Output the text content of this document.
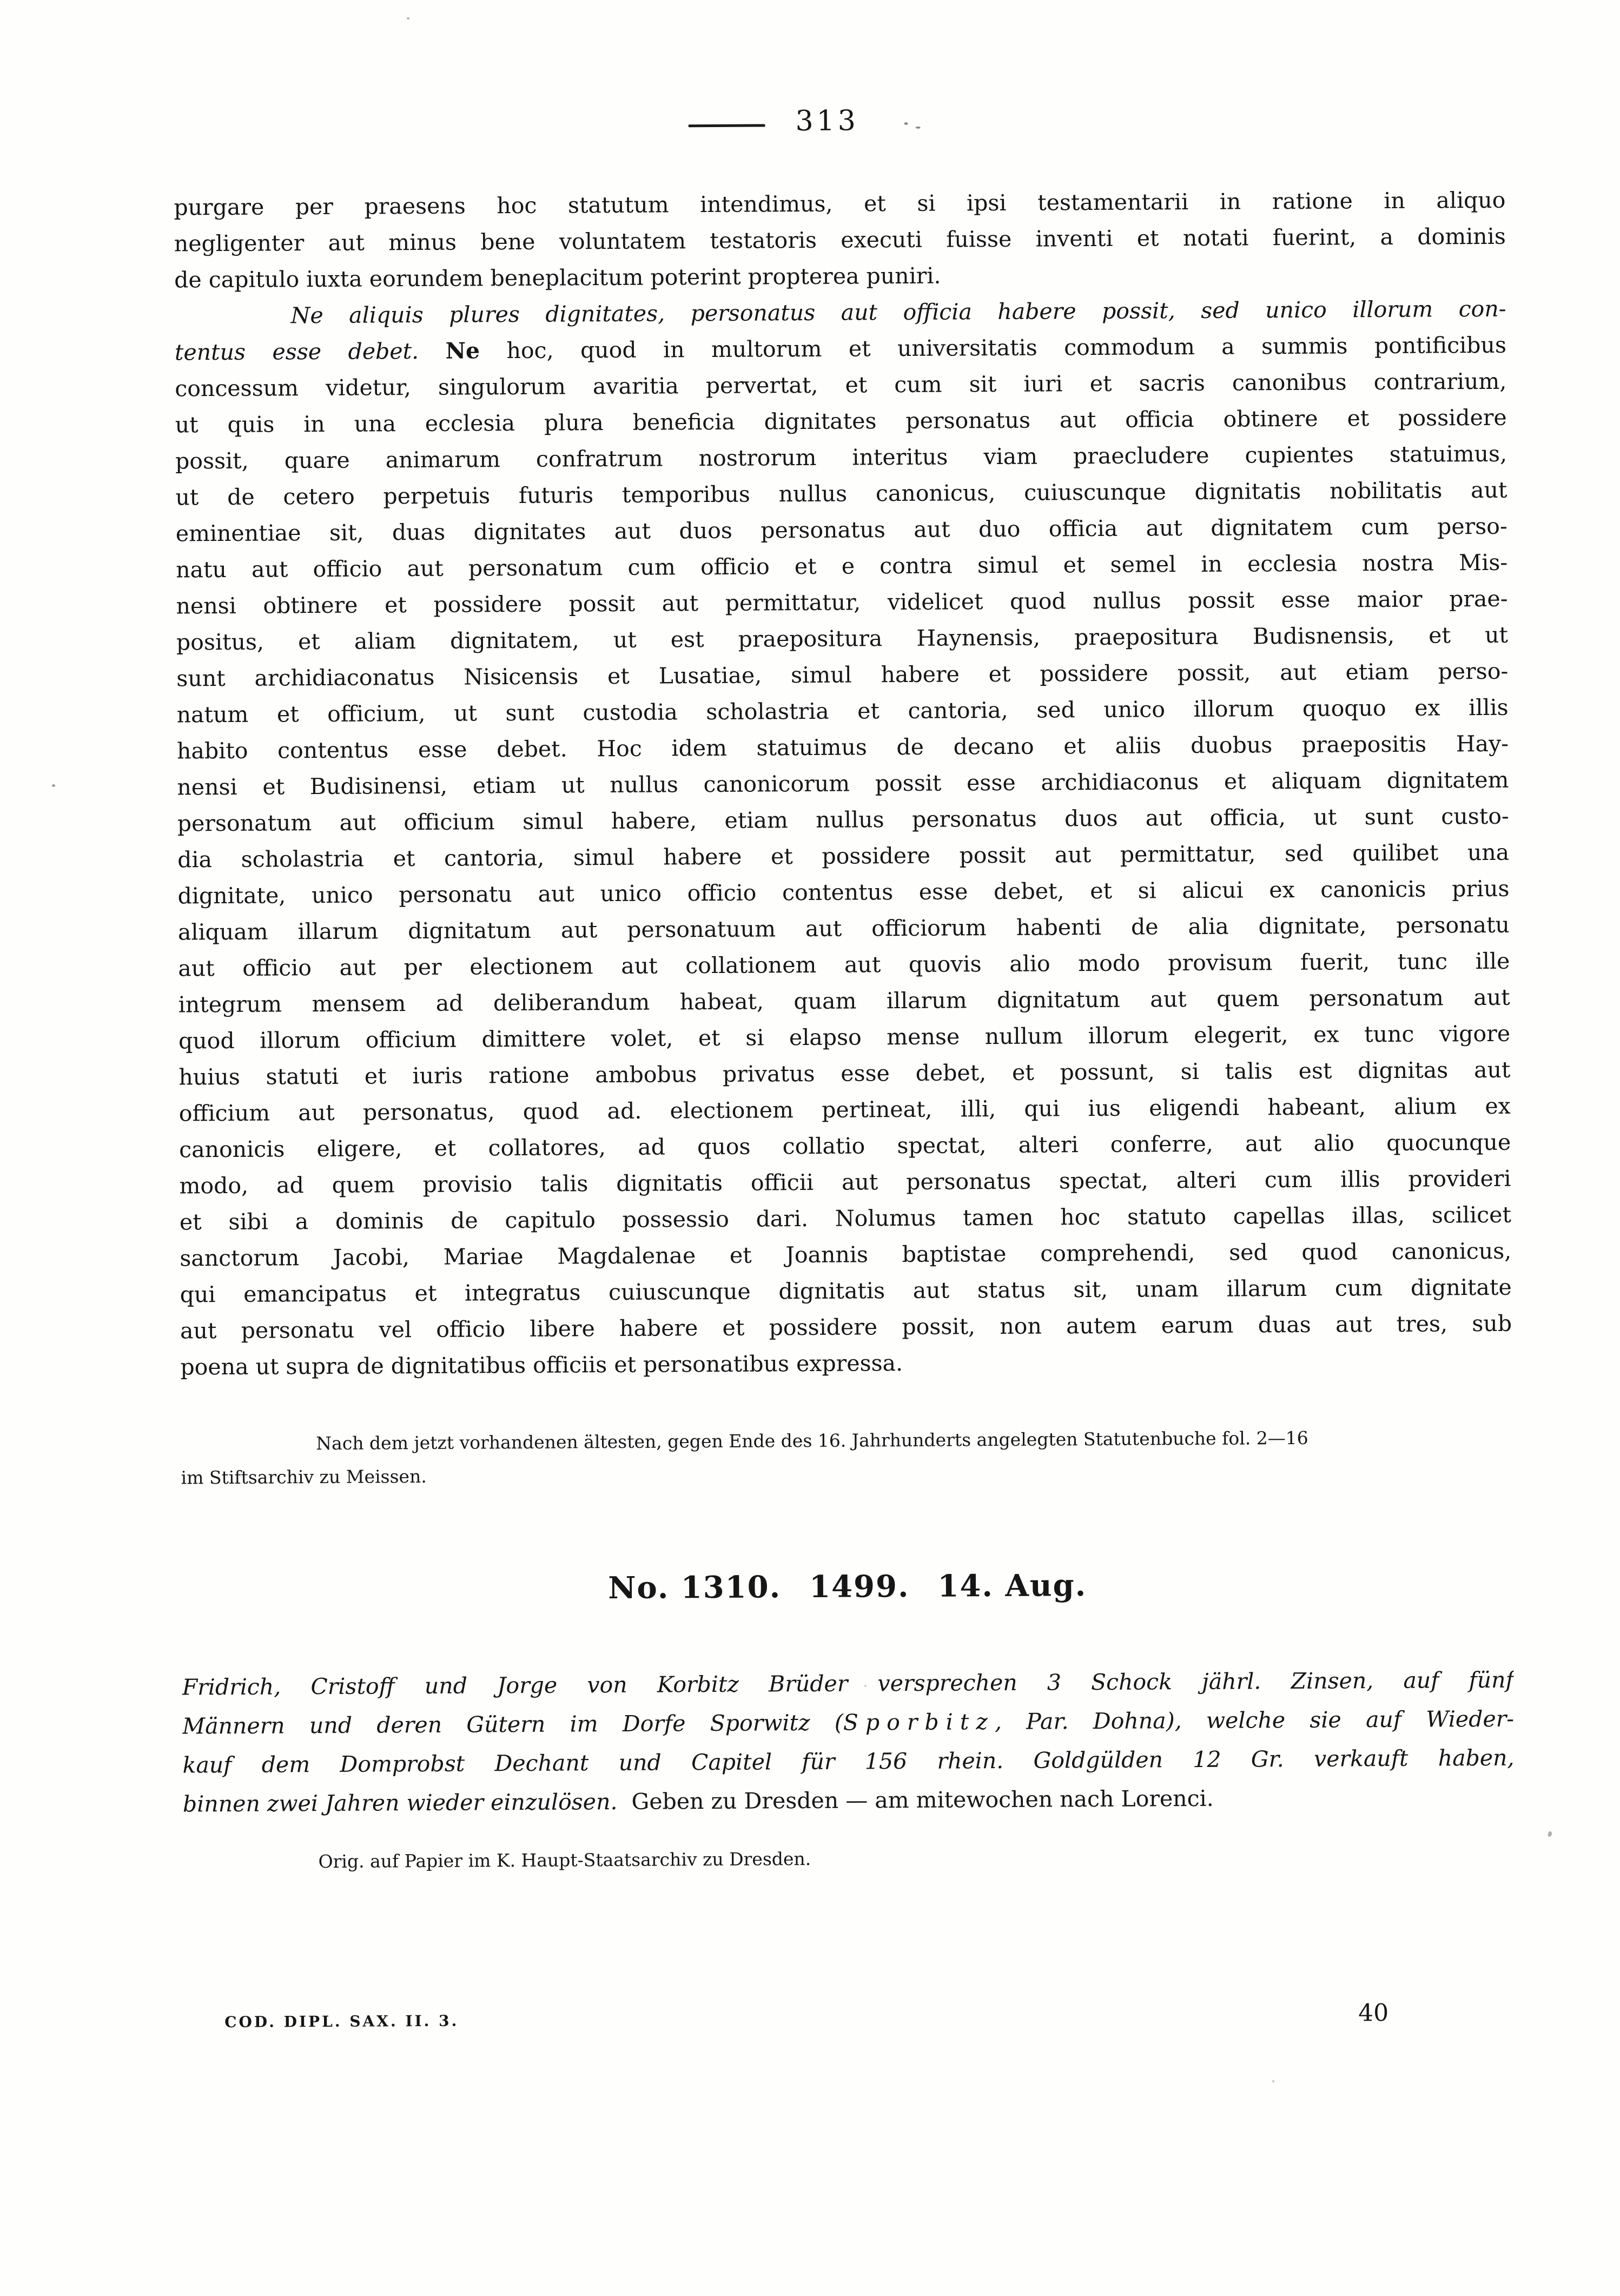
313
purgare per praesens hoc statutum intendimus, et si ipsi testamentarii in ratione in aliquo
negligenter aut minus bene voluntatem testatoris executi fuisse inventi et notati fuerint, a dominis
de capitulo iuxta eorundem beneplacitum poterint propterea puniri.
Ne aliquis plures dignitates, personatus aut officia habere possit, sed unico illorum con-
tentus esse debet. Ne hoc, quod in multorum et universitatis commodum a summis pontificibus
concessum videtur, singulorum avaritia pervertat, et cum sit iuri et sacris canonibus contrarium,
ut quis in una ecclesia plura beneficia dignitates personatus aut officia obtinere et possidere
possit, quare animarum confratrum nostrorum interitus viam praecludere cupientes statuimus,
ut de cetero perpetuis futuris temporibus nullus canonicus, cuiuscunque dignitatis nobilitatis aut
eminentiae sit, duas dignitates aut duos personatus aut duo officia aut dignitatem cum perso-
natu aut officio aut personatum cum officio et e contra simul et semel in ecclesia nostra Mis-
nensi obtinere et possidere possit aut permittatur, videlicet quod nullus possit esse maior prae-
positus, et aliam dignitatem, ut est praepositura Haynensis, praepositura Budisnensis, et ut
sunt archidiaconatus Nisicensis et Lusatiae, simul habere et possidere possit, aut etiam perso-
natum et officium, ut sunt custodia scholastria et cantoria, sed unico illorum quoquo ex illis
habito contentus esse debet. Hoc idem statuimus de decano et aliis duobus praepositis Hay-
nensi et Budisinensi, etiam ut nullus canonicorum possit esse archidiaconus et aliquam dignitatem
personatum aut officium simul habere, etiam nullus personatus duos aut officia, ut sunt custo-
dia scholastria et cantoria, simul habere et possidere possit aut permittatur, sed quilibet una
dignitate, unico personatu aut unico officio contentus esse debet, et si alicui ex canonicis prius
aliquam illarum dignitatum aut personatuum aut officiorum habenti de alia dignitate, personatu
aut officio aut per electionem aut collationem aut quovis alio modo provisum fuerit, tunc ille
integrum mensem ad deliberandum habeat, quam illarum dignitatum aut quem personatum aut
quod illorum officium dimittere volet, et si elapso mense nullum illorum elegerit, ex tunc vigore
huius statuti et iuris ratione ambobus privatus esse debet, et possunt, si talis est dignitas aut
officium aut personatus, quod ad. electionem pertineat, illi, qui ius eligendi habeant, alium ex
canonicis eligere, et collatores, ad quos collatio spectat, alteri conferre, aut alio quocunque
modo, ad quem provisio talis dignitatis officii aut personatus spectat, alteri cum illis provideri
et sibi a dominis de capitulo possessio dari. Nolumus tamen hoc statuto capellas illas, scilicet
sanctorum Jacobi, Mariae Magdalenae et Joannis baptistae comprehendi, sed quod canonicus,
qui emancipatus et integratus cuiuscunque dignitatis aut status sit, unam illarum cum dignitate
aut personatu vel officio libere habere et possidere possit, non autem earum duas aut tres, sub
poena ut supra de dignitatibus officiis et personatibus expressa.
Nach dem jetzt vorhandenen ältesten, gegen Ende des 16. Jahrhunderts angelegten Statutenbuche fol. 2—16
im Stiftsarchiv zu Meissen.
No. 1310. 1499. 14. Aug.
Fridrich, Cristoff und Jorge von Korbitz Brüder versprechen 3 Schock jährl. Zinsen, auf fünf
Männern und deren Gütern im Dorfe Sporwitz (Sporbitz, Par. Dohna), welche sie auf Wieder-
kauf dem Domprobst Dechant und Capitel für 156 rhein. Goldgülden 12 Gr. verkauft haben,
binnen zwei Jahren wieder einzulösen. Geben zu Dresden — am mitewochen nach Lorenci.
Orig. auf Papier im K. Haupt-Staatsarchiv zu Dresden.
COD. DIPL. SAX. II. 3.	40
